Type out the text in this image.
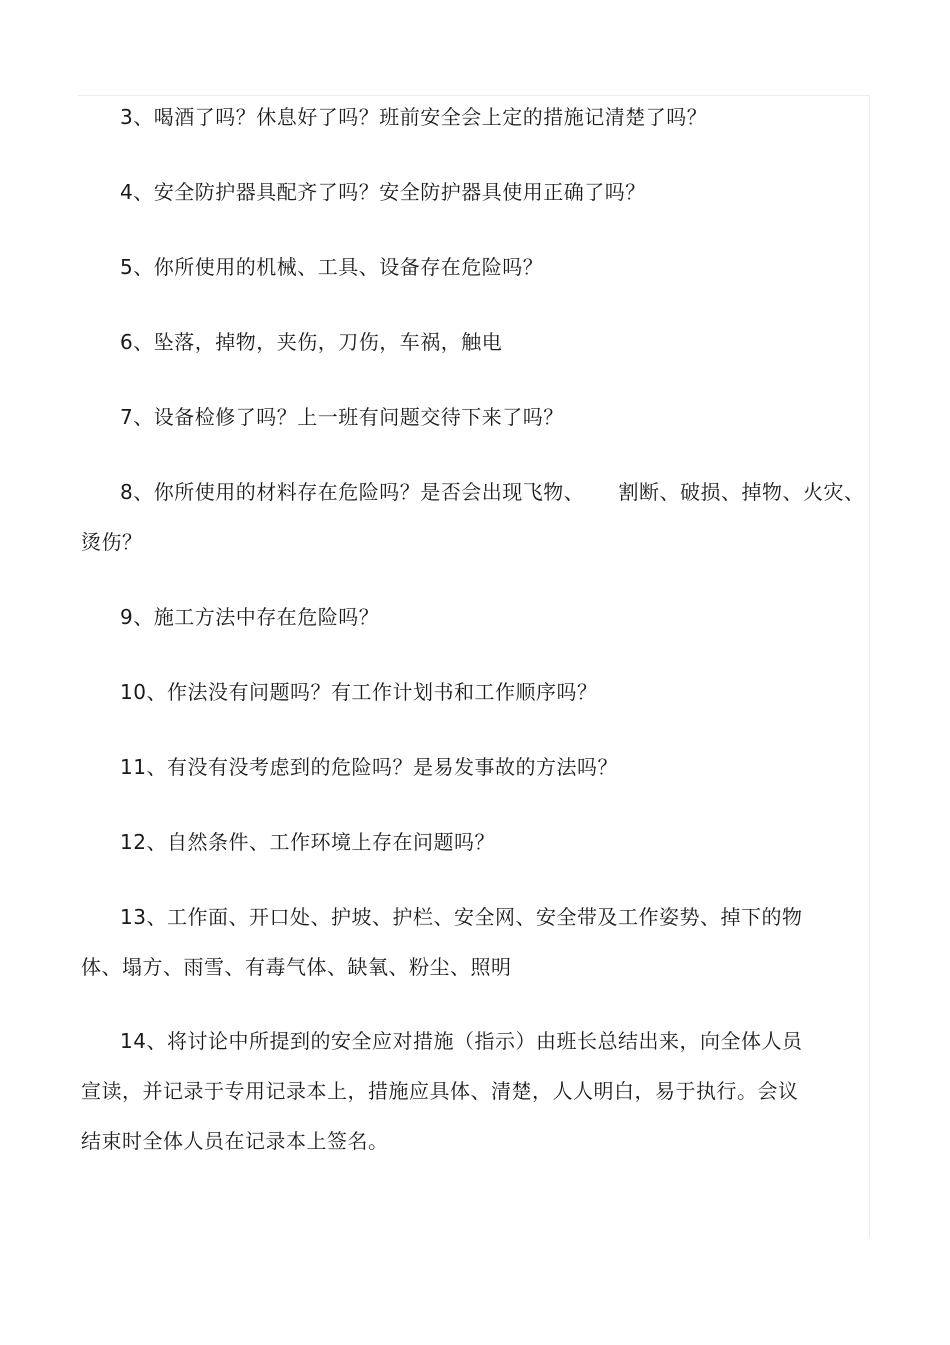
3、喝酒了吗？休息好了吗？班前安全会上定的措施记清楚了吗？
4、安全防护器具配齐了吗？安全防护器具使用正确了吗？
5、你所使用的机械、工具、设备存在危险吗？
6、坠落，掉物，夹伤，刀伤，车祸，触电
7、设备检修了吗？上一班有问题交待下来了吗？
8、你所使用的材料存在危险吗？是否会出现飞物、     割断、破损、掉物、火灾、
烫伤？
9、施工方法中存在危险吗？
10、作法没有问题吗？有工作计划书和工作顺序吗？
11、有没有没考虑到的危险吗？是易发事故的方法吗？
12、自然条件、工作环境上存在问题吗？
13、工作面、开口处、护坡、护栏、安全网、安全带及工作姿势、掉下的物
体、塌方、雨雪、有毒气体、缺氧、粉尘、照明
14、将讨论中所提到的安全应对措施（指示）由班长总结出来，向全体人员
宣读，并记录于专用记录本上，措施应具体、清楚，人人明白，易于执行。会议
结束时全体人员在记录本上签名。
